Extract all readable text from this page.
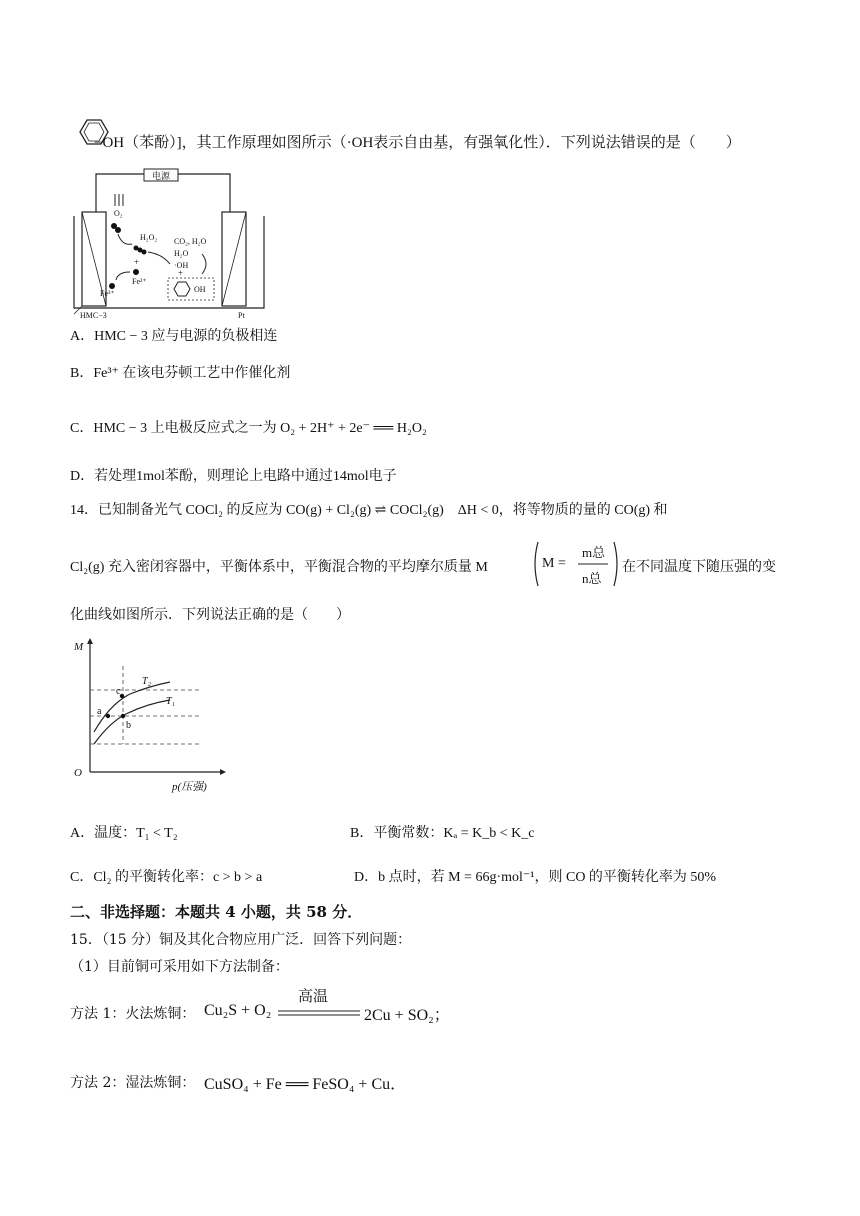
−OH（苯酚）]，其工作原理如图所示（·OH表示自由基，有强氧化性）．下列说法错误的是（　　）
电源
O₂
H₂O₂
+
Fe²⁺
Fe³⁺
CO₂, H₂O
H₂O
·OH
+
OH
HMC−3	Pt
A．HMC − 3 应与电源的负极相连
B．Fe³⁺ 在该电芬顿工艺中作催化剂
C．HMC − 3 上电极反应式之一为 O₂ + 2H⁺ + 2e⁻ ══ H₂O₂
D．若处理1mol苯酚，则理论上电路中通过14mol电子
14．已知制备光气 COCl₂ 的反应为 CO(g) + Cl₂(g) ⇌ COCl₂(g)　ΔH < 0，将等物质的量的 CO(g) 和
Cl₂(g) 充入密闭容器中，平衡体系中，平衡混合物的平均摩尔质量 M	M =
m总
n总
在不同温度下随压强的变
化曲线如图所示．下列说法正确的是（　　）
M
O
p(压强)
T₂
T₁
c
a
b
A．温度：T₁ < T₂	B．平衡常数：Kₐ = K_b < K_c
C．Cl₂ 的平衡转化率：c > b > a	D．b 点时，若 M = 66g·mol⁻¹，则 CO 的平衡转化率为 50%
二、非选择题：本题共 4 小题，共 58 分．
15．（15 分）铜及其化合物应用广泛．回答下列问题：
（1）目前铜可采用如下方法制备：
方法 1：火法炼铜： Cu₂S + O₂
高温
2Cu + SO₂；
方法 2：湿法炼铜： CuSO₄ + Fe ══ FeSO₄ + Cu．
